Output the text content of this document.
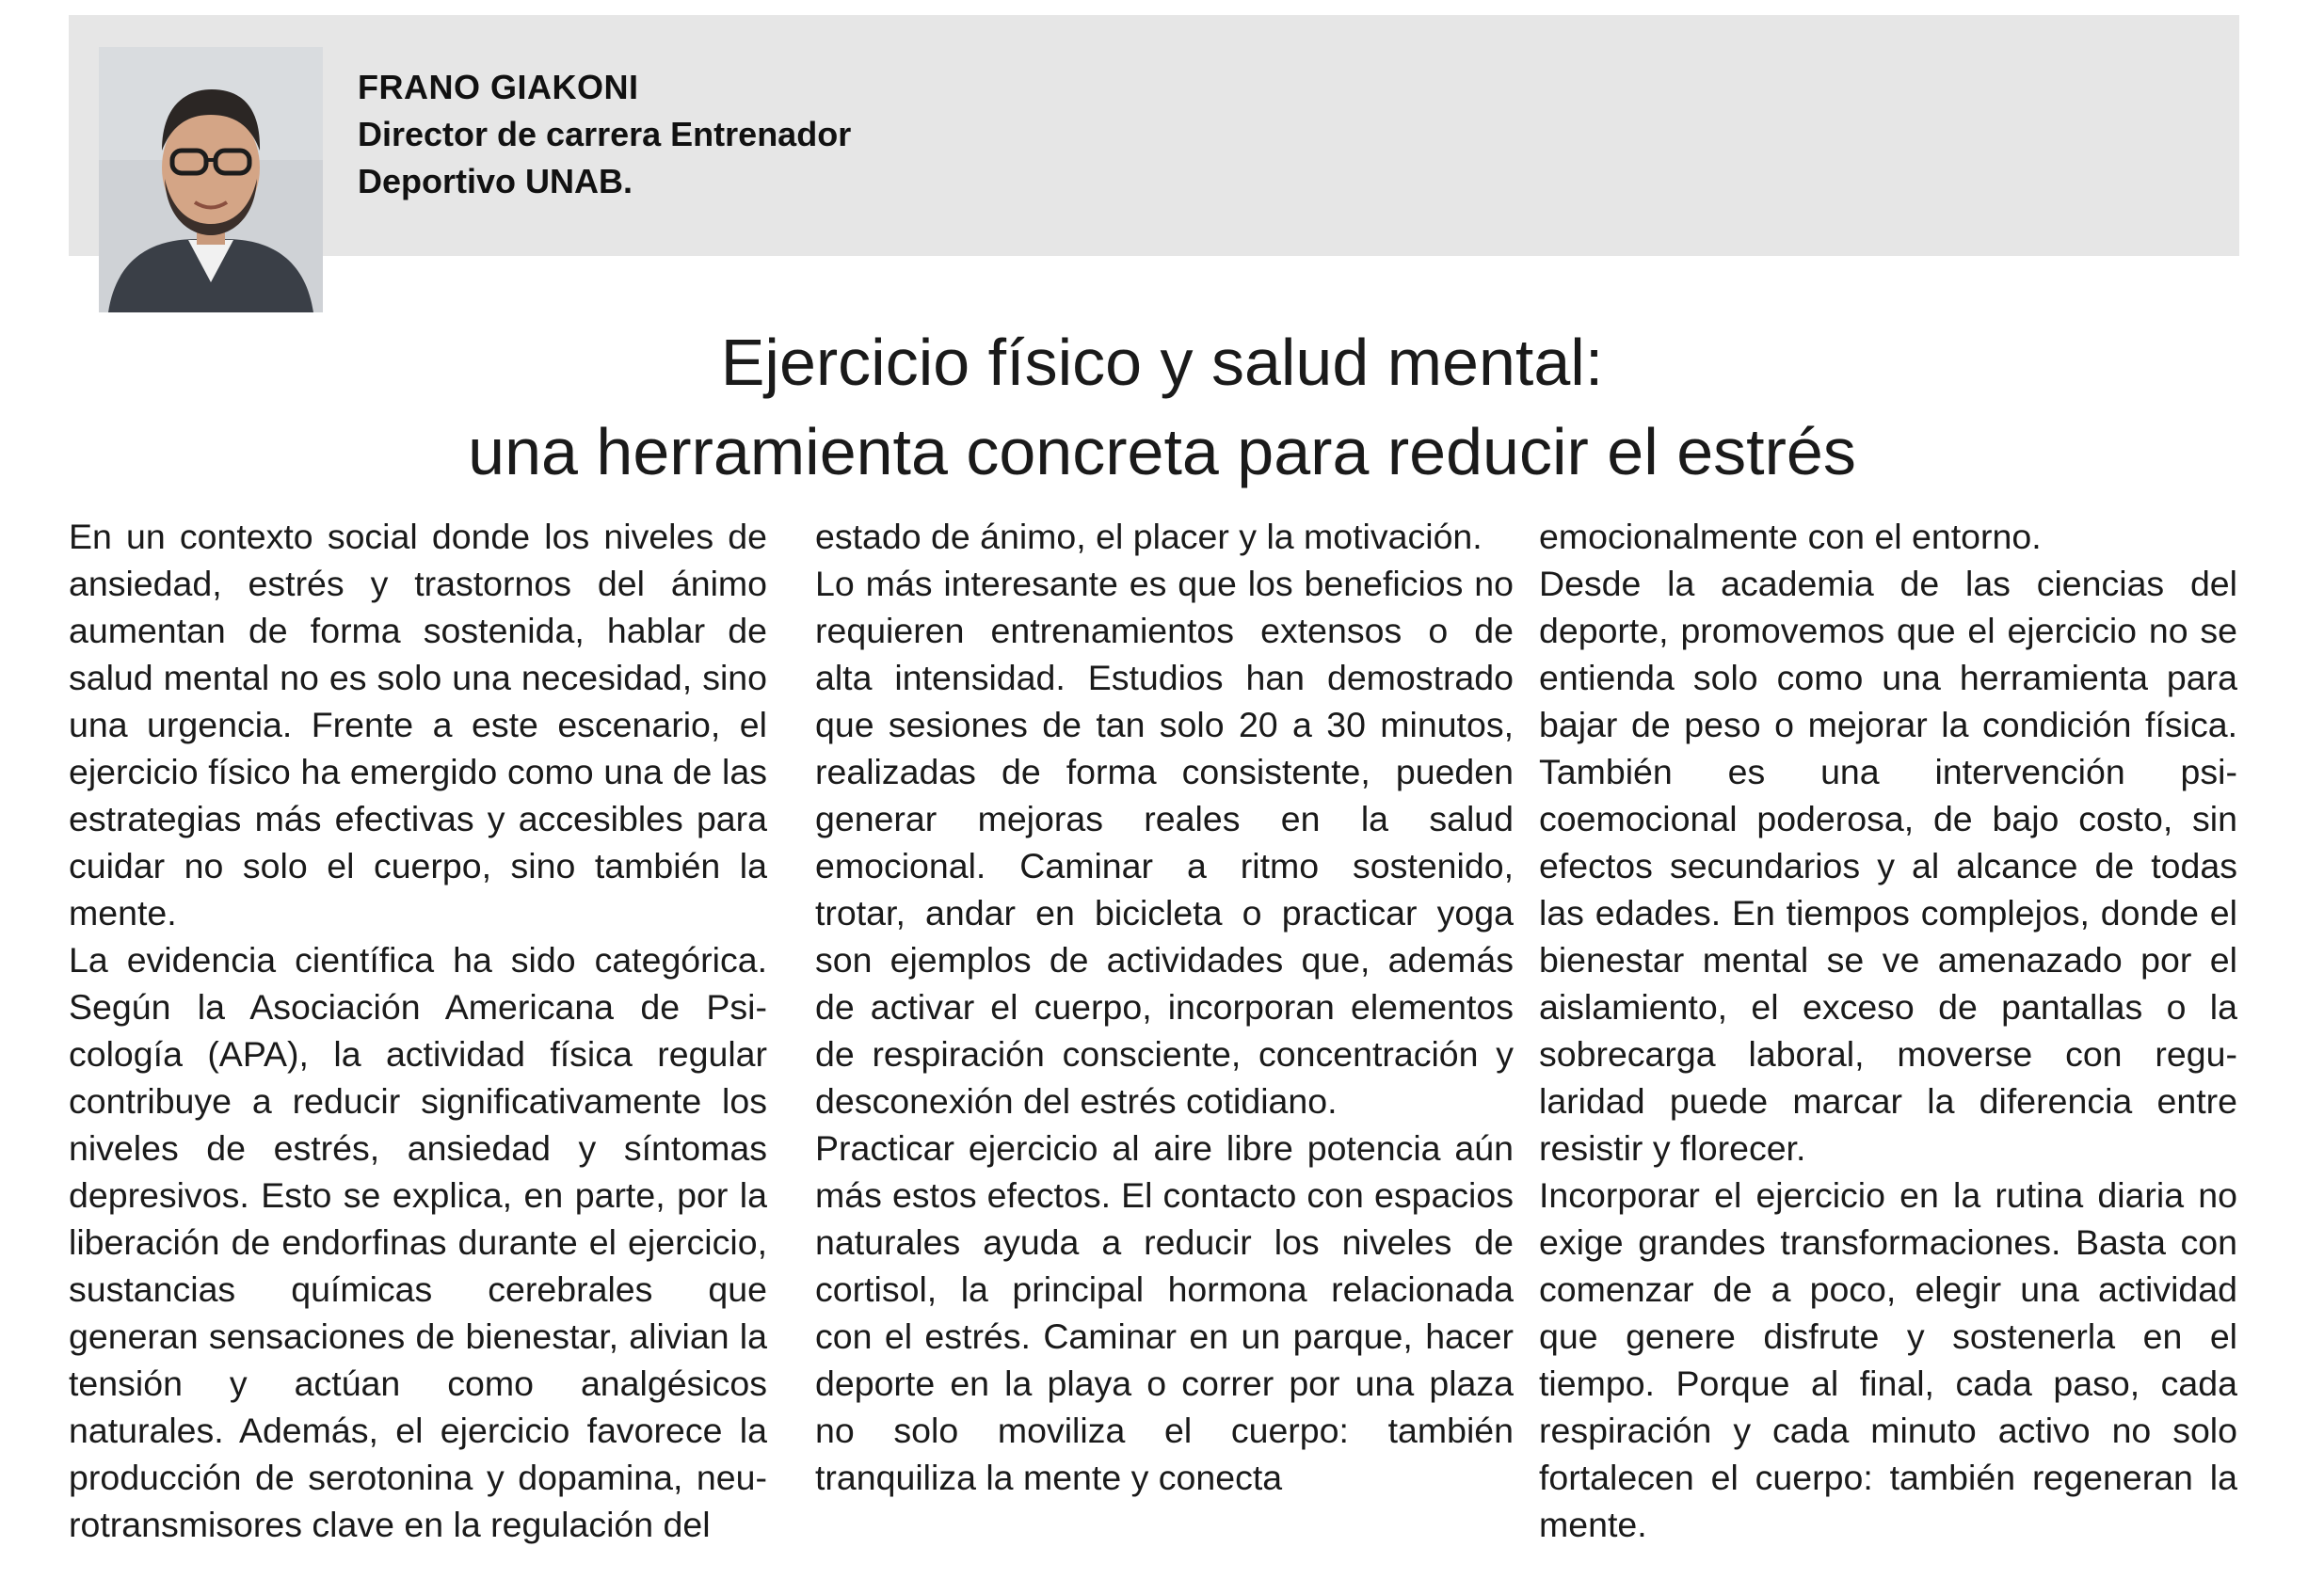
FRANO GIAKONI
Director de carrera Entrenador
Deportivo UNAB.
Ejercicio físico y salud mental:
una herramienta concreta para reducir el estrés

En un contexto social donde los niveles de ansiedad, estrés y trastornos del ánimo aumentan de forma sostenida, hablar de salud mental no es solo una necesidad, sino una urgencia. Frente a este escenario, el ejercicio físico ha emergido como una de las estrategias más efectivas y accesibles para cuidar no solo el cuerpo, sino también la mente.

La evidencia científica ha sido categórica. Según la Asociación Americana de Psicología (APA), la actividad física regular contribuye a reducir significativamente los niveles de estrés, ansiedad y síntomas depresivos. Esto se explica, en parte, por la liberación de endorfinas durante el ejercicio, sustancias químicas cerebrales que generan sensaciones de bienestar, alivian la tensión y actúan como analgésicos naturales. Además, el ejercicio favorece la producción de serotonina y dopamina, neurotransmisores clave en la regulación del

estado de ánimo, el placer y la motivación.

Lo más interesante es que los beneficios no requieren entrenamientos extensos o de alta intensidad. Estudios han demostrado que sesiones de tan solo 20 a 30 minutos, realizadas de forma consistente, pueden generar mejoras reales en la salud emocional. Caminar a ritmo sostenido, trotar, andar en bicicleta o practicar yoga son ejemplos de actividades que, además de activar el cuerpo, incorporan elementos de respiración consciente, concentración y desconexión del estrés cotidiano.

Practicar ejercicio al aire libre potencia aún más estos efectos. El contacto con espacios naturales ayuda a reducir los niveles de cortisol, la principal hormona relacionada con el estrés. Caminar en un parque, hacer deporte en la playa o correr por una plaza no solo moviliza el cuerpo: también tranquiliza la mente y conecta

emocionalmente con el entorno.

Desde la academia de las ciencias del deporte, promovemos que el ejercicio no se entienda solo como una herramienta para bajar de peso o mejorar la condición física. También es una intervención psicoemocional poderosa, de bajo costo, sin efectos secundarios y al alcance de todas las edades. En tiempos complejos, donde el bienestar mental se ve amenazado por el aislamiento, el exceso de pantallas o la sobrecarga laboral, moverse con regularidad puede marcar la diferencia entre resistir y florecer.

Incorporar el ejercicio en la rutina diaria no exige grandes transformaciones. Basta con comenzar de a poco, elegir una actividad que genere disfrute y sostenerla en el tiempo. Porque al final, cada paso, cada respiración y cada minuto activo no solo fortalecen el cuerpo: también regeneran la mente.
